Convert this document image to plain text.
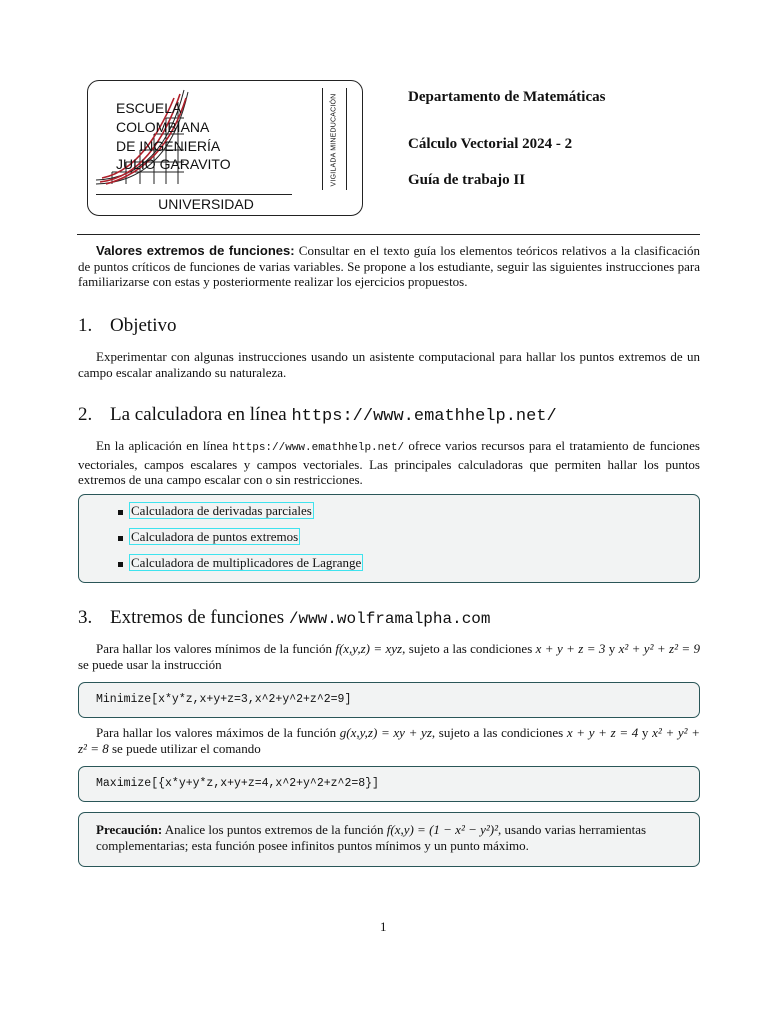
ESCUELA
COLOMBIANA
DE INGENIERÍA
JULIO GARAVITO	VIGILADA MINEDUCACIÓN
UNIVERSIDAD
Departamento de Matemáticas
Cálculo Vectorial 2024 - 2
Guía de trabajo II
Valores extremos de funciones: Consultar en el texto guía los elementos teóricos relativos a la clasificación de puntos críticos de funciones de varias variables. Se propone a los estudiante, seguir las siguientes instrucciones para familiarizarse con estas y posteriormente realizar los ejercicios propuestos.
1. Objetivo
Experimentar con algunas instrucciones usando un asistente computacional para hallar los puntos extremos de un campo escalar analizando su naturaleza.
2. La calculadora en línea https://www.emathhelp.net/
En la aplicación en línea https://www.emathhelp.net/ ofrece varios recursos para el tratamiento de funciones vectoriales, campos escalares y campos vectoriales. Las principales calculadoras que permiten hallar los puntos extremos de una campo escalar con o sin restricciones.
Calculadora de derivadas parciales
Calculadora de puntos extremos
Calculadora de multiplicadores de Lagrange
3. Extremos de funciones /www.wolframalpha.com
Para hallar los valores mínimos de la función f(x,y,z) = xyz, sujeto a las condiciones x + y + z = 3 y x² + y² + z² = 9 se puede usar la instrucción
Minimize[x*y*z,x+y+z=3,x^2+y^2+z^2=9]
Para hallar los valores máximos de la función g(x,y,z) = xy + yz, sujeto a las condiciones x + y + z = 4 y x² + y² + z² = 8 se puede utilizar el comando
Maximize[{x*y+y*z,x+y+z=4,x^2+y^2+z^2=8}]
Precaución: Analice los puntos extremos de la función f(x,y) = (1 − x² − y²)², usando varias herramientas complementarias; esta función posee infinitos puntos mínimos y un punto máximo.
1
